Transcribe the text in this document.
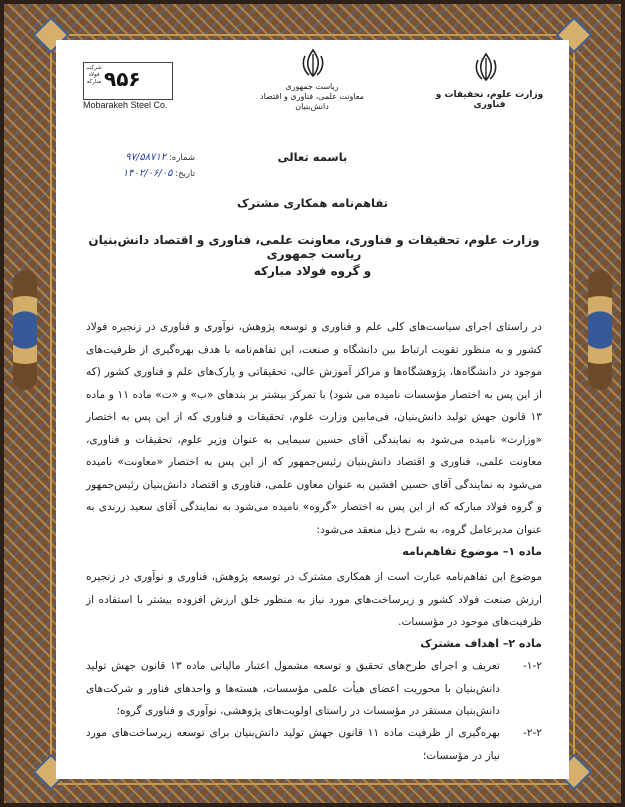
شرکت فولاد مبارکه ۹۵۶
Mobarakeh Steel Co.
ریاست جمهوری
معاونت علمی، فناوری و اقتصاد دانش‌بنیان
وزارت علوم، تحقیقات و فناوری
شماره: ۹۷/۵۸۷۱۲
تاریخ: ۱۴۰۲/۰۶/۰۵
باسمه تعالی
تفاهم‌نامه همکاری مشترک
وزارت علوم، تحقیقات و فناوری، معاونت علمی، فناوری و اقتصاد دانش‌بنیان ریاست جمهوری
و گروه فولاد مبارکه
در راستای اجرای سیاست‌های کلی علم و فناوری و توسعه پژوهش، نوآوری و فناوری در زنجیره فولاد کشور و به منظور تقویت ارتباط بین دانشگاه و صنعت، این تفاهم‌نامه با هدف بهره‌گیری از ظرفیت‌های موجود در دانشگاه‌ها، پژوهشگاه‌ها و مراکز آموزش عالی، تحقیقاتی و پارک‌های علم و فناوری کشور (که از این پس به اختصار مؤسسات نامیده می شود) با تمرکز بیشتر بر بندهای «ب» و «ت» ماده ۱۱ و ماده ۱۳ قانون جهش تولید دانش‌بنیان، فی‌مابین وزارت علوم، تحقیقات و فناوری که از این پس به اختصار «وزارت» نامیده می‌شود به نمایندگی آقای حسین سیمایی به عنوان وزیر علوم، تحقیقات و فناوری، معاونت علمی، فناوری و اقتصاد دانش‌بنیان رئیس‌جمهور که از این پس به اختصار «معاونت» نامیده می‌شود به نمایندگی آقای حسین افشین به عنوان معاون علمی، فناوری و اقتصاد دانش‌بنیان رئیس‌جمهور و گروه فولاد مبارکه که از این پس به اختصار «گروه» نامیده می‌شود به نمایندگی آقای سعید زرندی به عنوان مدیرعامل گروه، به شرح ذیل منعقد می‌شود:
ماده ۱– موضوع تفاهم‌نامه
موضوع این تفاهم‌نامه عبارت است از همکاری مشترک در توسعه پژوهش، فناوری و نوآوری در زنجیره ارزش صنعت فولاد کشور و زیرساخت‌های مورد نیاز به منظور خلق ارزش افزوده بیشتر با استفاده از ظرفیت‌های موجود در مؤسسات.
ماده ۲– اهداف مشترک
۱-۲-
تعریف و اجرای طرح‌های تحقیق و توسعه مشمول اعتبار مالیاتی ماده ۱۳ قانون جهش تولید دانش‌بنیان با محوریت اعضای هیأت علمی مؤسسات، هسته‌ها و واحدهای فناور و شرکت‌های دانش‌بنیان مستقر در مؤسسات در راستای اولویت‌های پژوهشی، نوآوری و فناوری گروه؛
۲-۲-
بهره‌گیری از ظرفیت ماده ۱۱ قانون جهش تولید دانش‌بنیان برای توسعه زیرساخت‌های مورد نیاز در مؤسسات؛
